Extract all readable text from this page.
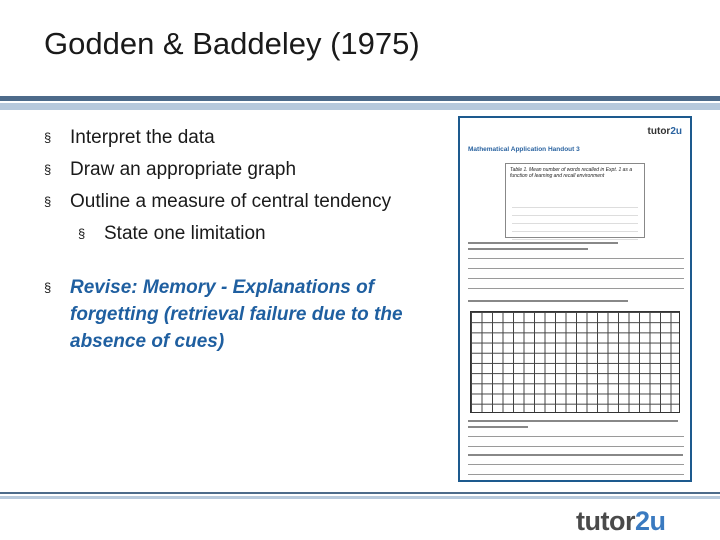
Godden & Baddeley (1975)
§ Interpret the data
§ Draw an appropriate graph
§ Outline a measure of central tendency
§ State one limitation
§ Revise: Memory - Explanations of forgetting (retrieval failure due to the absence of cues)
tutor2u
Mathematical Application Handout 3
Table 1. Mean number of words recalled in Expt. 1 as a function of learning and recall environment
tutor2u
